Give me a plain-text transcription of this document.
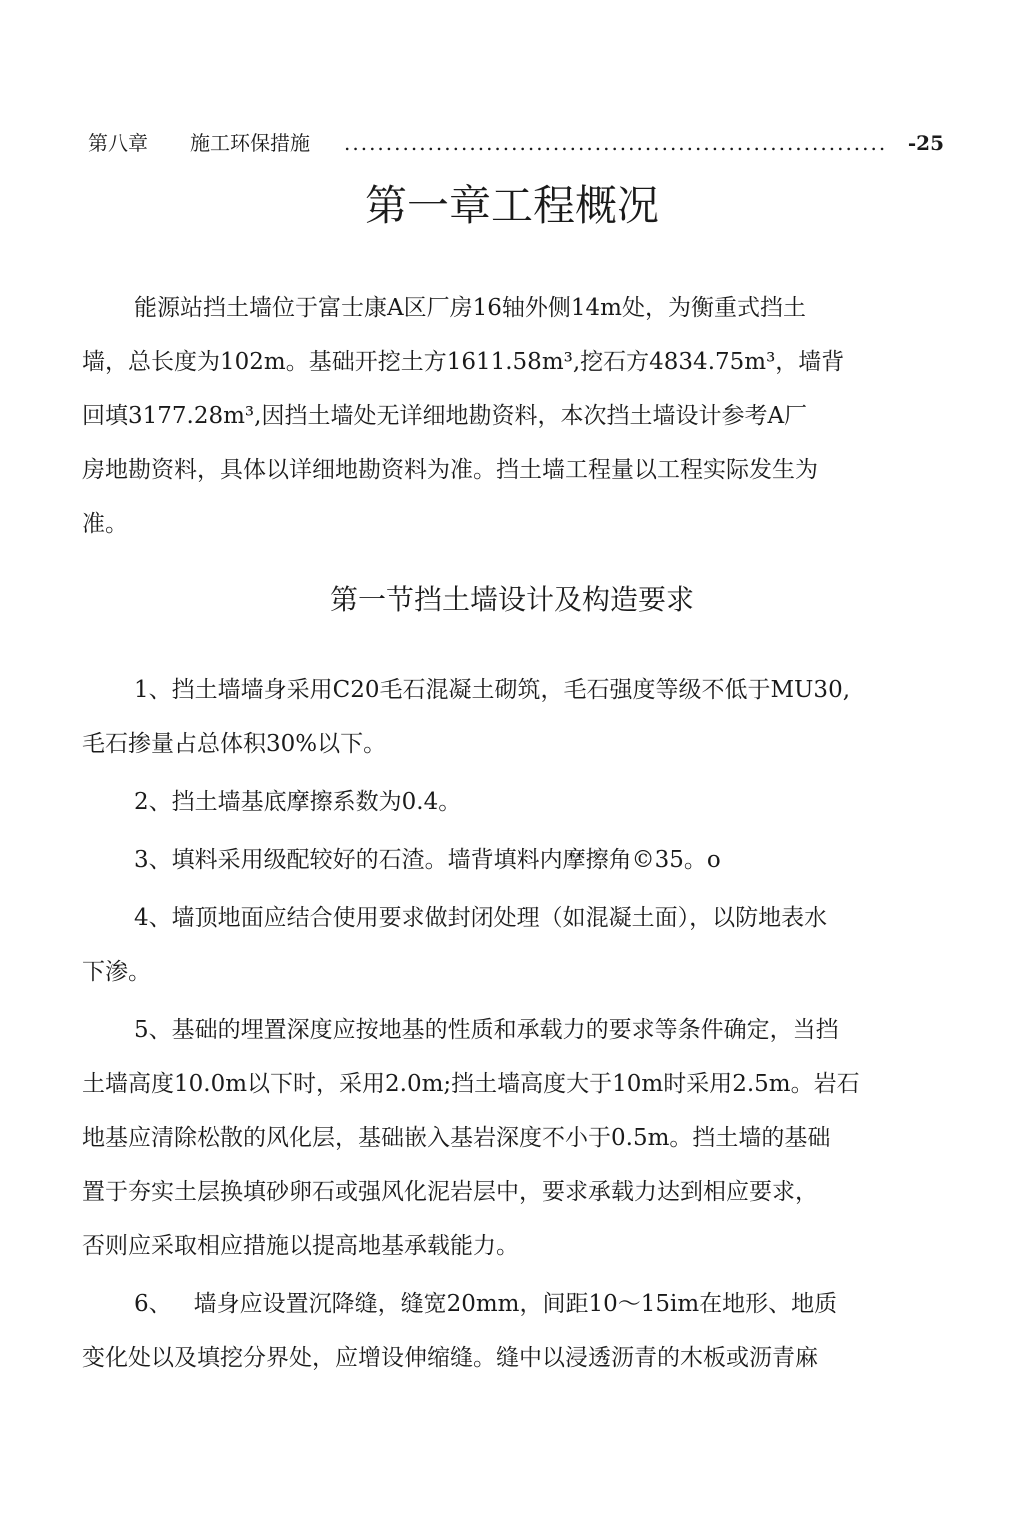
第八章 施工环保措施 .................................................................	-25
第一章工程概况
能源站挡土墙位于富士康A区厂房16轴外侧14m处，为衡重式挡土
墙，总长度为102m。基础开挖土方1611.58m³,挖石方4834.75m³，墙背
回填3177.28m³,因挡土墙处无详细地勘资料，本次挡土墙设计参考A厂
房地勘资料，具体以详细地勘资料为准。挡土墙工程量以工程实际发生为
准。
第一节挡土墙设计及构造要求
1、挡土墙墙身采用C20毛石混凝土砌筑，毛石强度等级不低于MU30,
毛石掺量占总体积30%以下。
2、挡土墙基底摩擦系数为0.4。
3、填料采用级配较好的石渣。墙背填料内摩擦角©35。o
4、墙顶地面应结合使用要求做封闭处理（如混凝土面），以防地表水
下渗。
5、基础的埋置深度应按地基的性质和承载力的要求等条件确定，当挡
土墙高度10.0m以下时，采用2.0m;挡土墙高度大于10m时采用2.5m。岩石
地基应清除松散的风化层，基础嵌入基岩深度不小于0.5m。挡土墙的基础
置于夯实土层换填砂卵石或强风化泥岩层中，要求承载力达到相应要求，
否则应采取相应措施以提高地基承载能力。
6、   墙身应设置沉降缝，缝宽20mm，间距10～15im在地形、地质
变化处以及填挖分界处，应增设伸缩缝。缝中以浸透沥青的木板或沥青麻
